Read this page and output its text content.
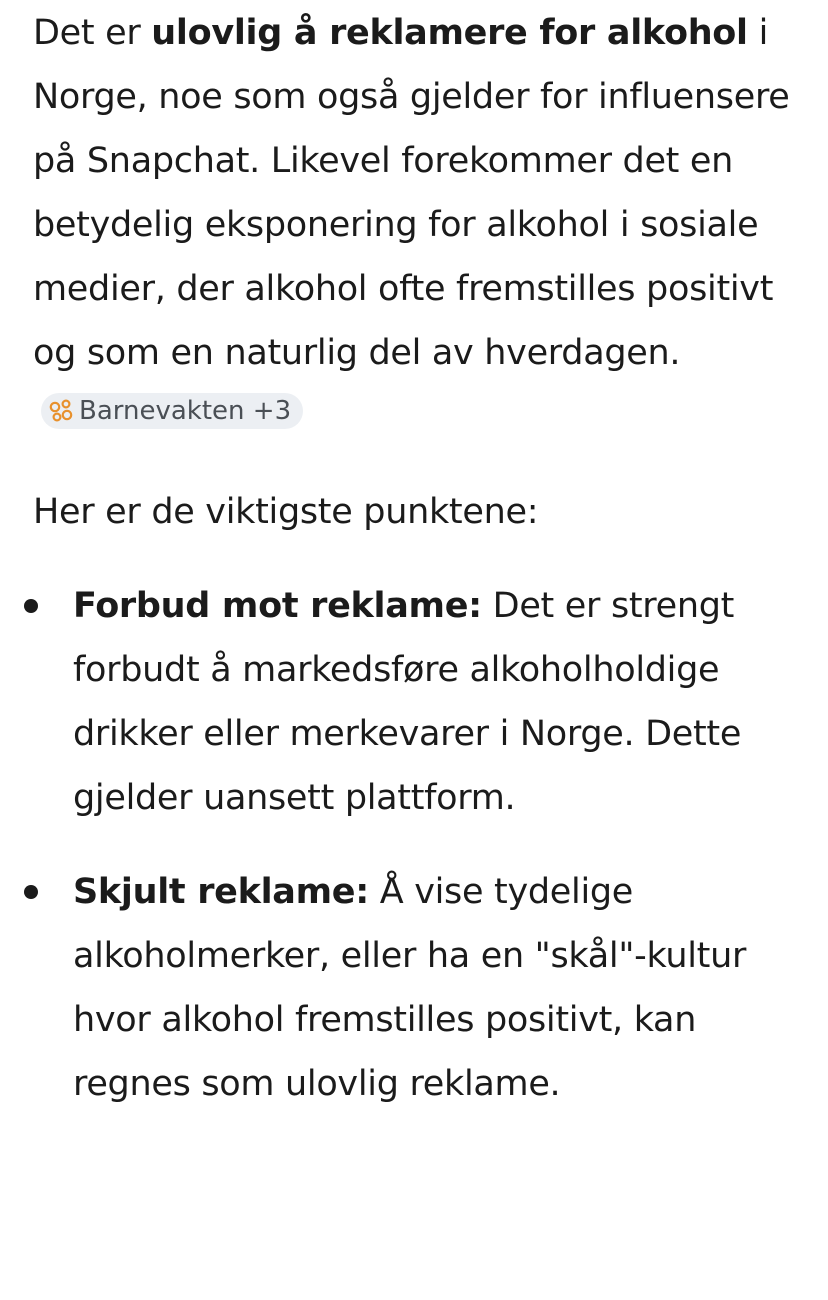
Det er ulovlig å reklamere for alkohol i Norge, noe som også gjelder for influensere på Snapchat. Likevel forekommer det en betydelig eksponering for alkohol i sosiale medier, der alkohol ofte fremstilles positivt og som en naturlig del av hverdagen.
Barnevakten +3

Her er de viktigste punktene:

Forbud mot reklame: Det er strengt forbudt å markedsføre alkoholholdige drikker eller merkevarer i Norge. Dette gjelder uansett plattform.
Skjult reklame: Å vise tydelige alkoholmerker, eller ha en "skål"-kultur hvor alkohol fremstilles positivt, kan regnes som ulovlig reklame.
